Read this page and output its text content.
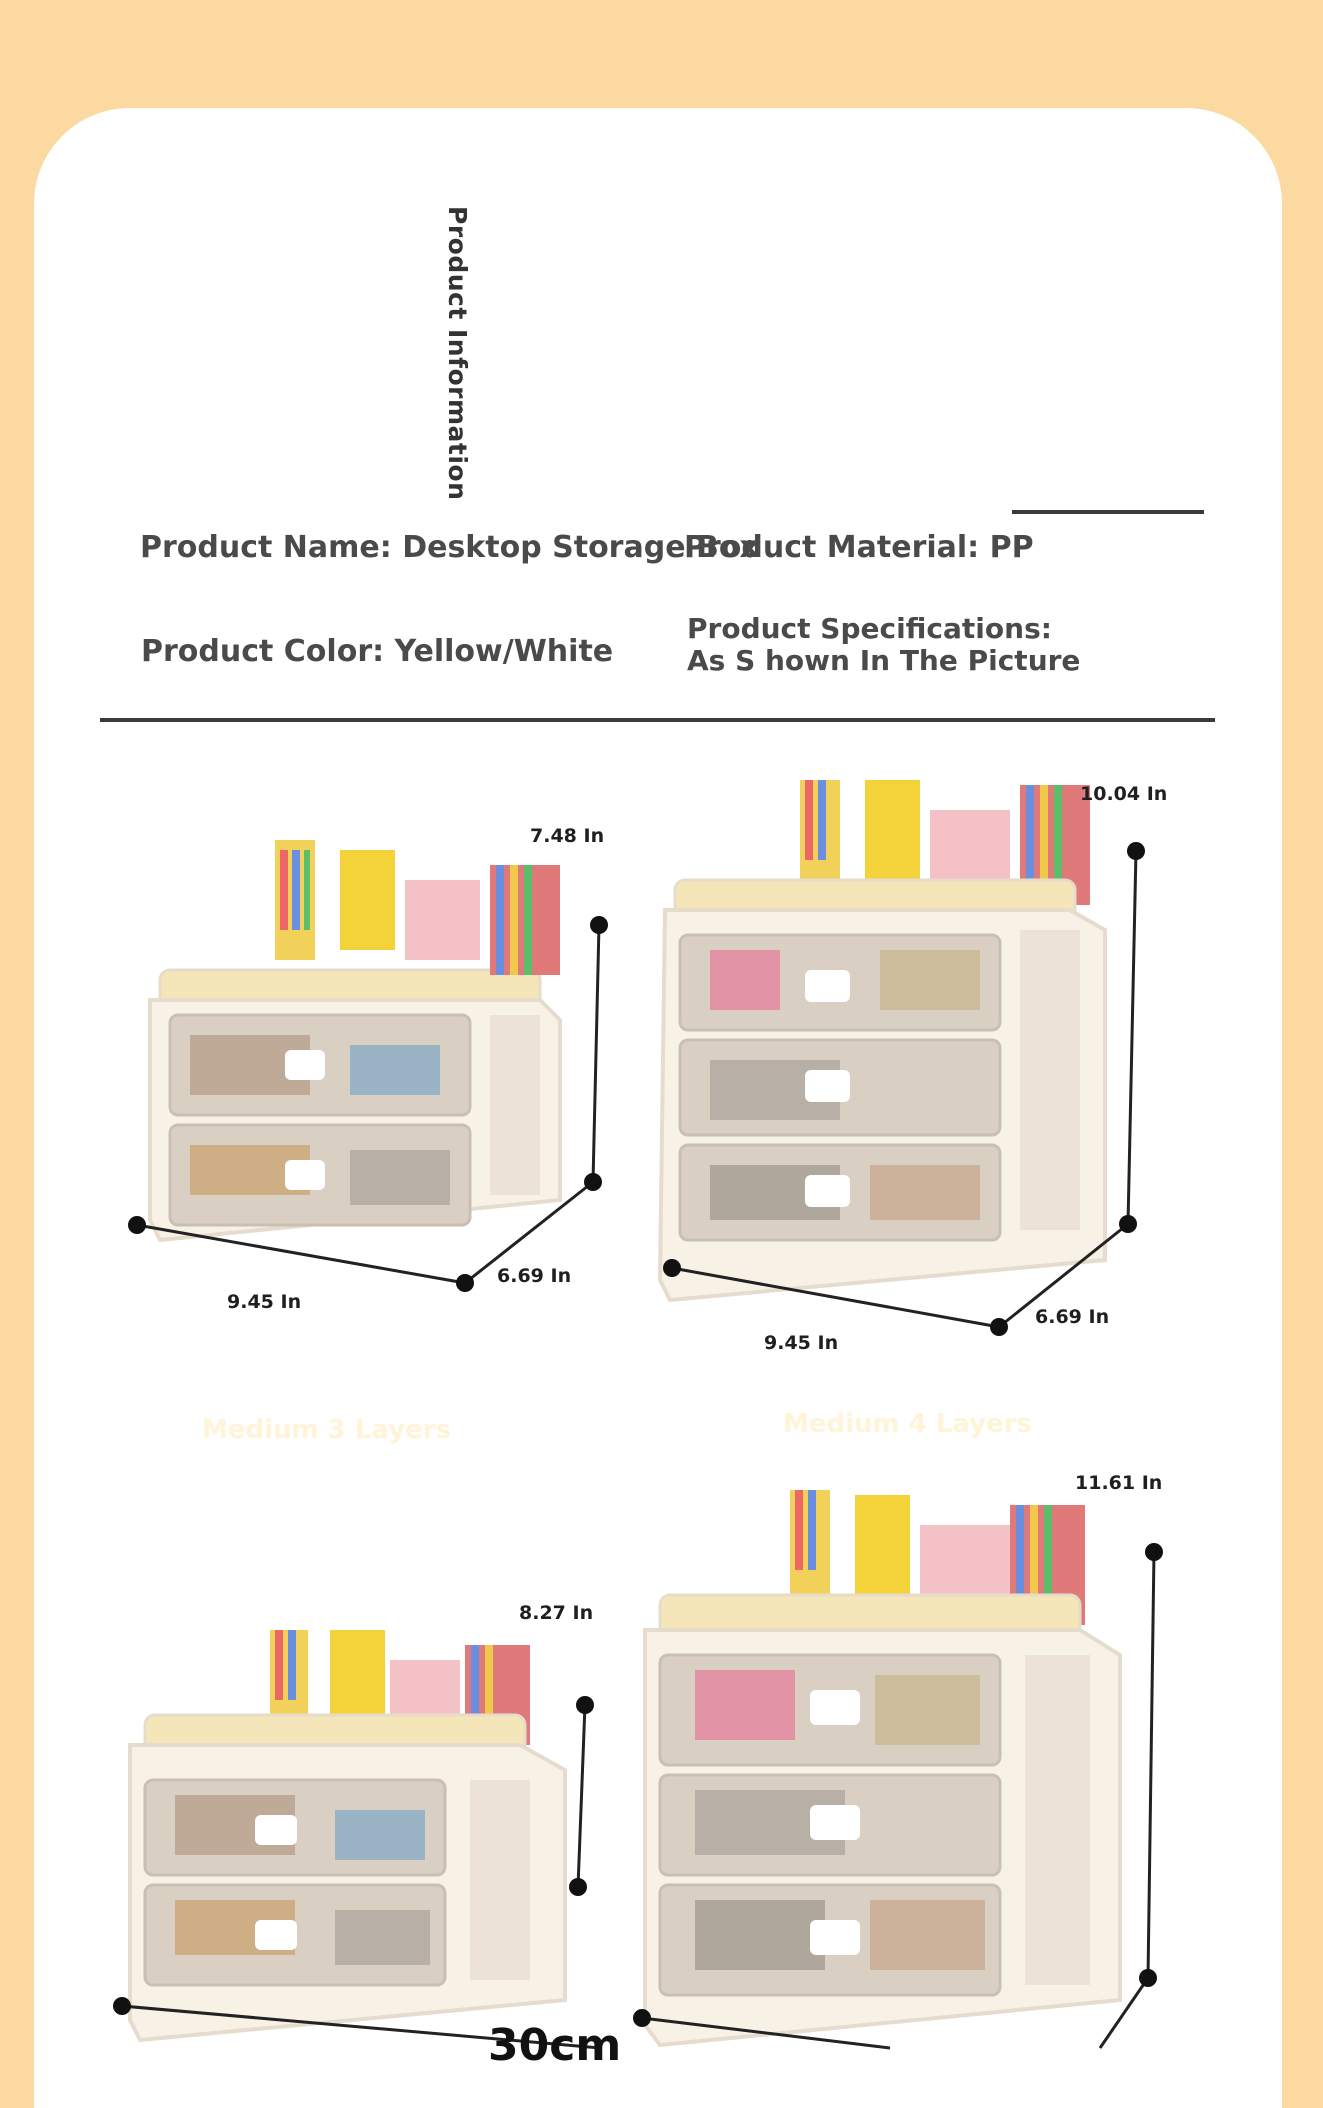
Product Information
Product Name: Desktop Storage Box
Product Material: PP
Product Color: Yellow/White
Product Specifications: As S hown In The Picture
7.48 In
6.69 In
9.45 In
Medium 3 Layers
10.04 In
6.69 In
9.45 In
Medium 4 Layers
8.27 In
30cm
11.61 In
